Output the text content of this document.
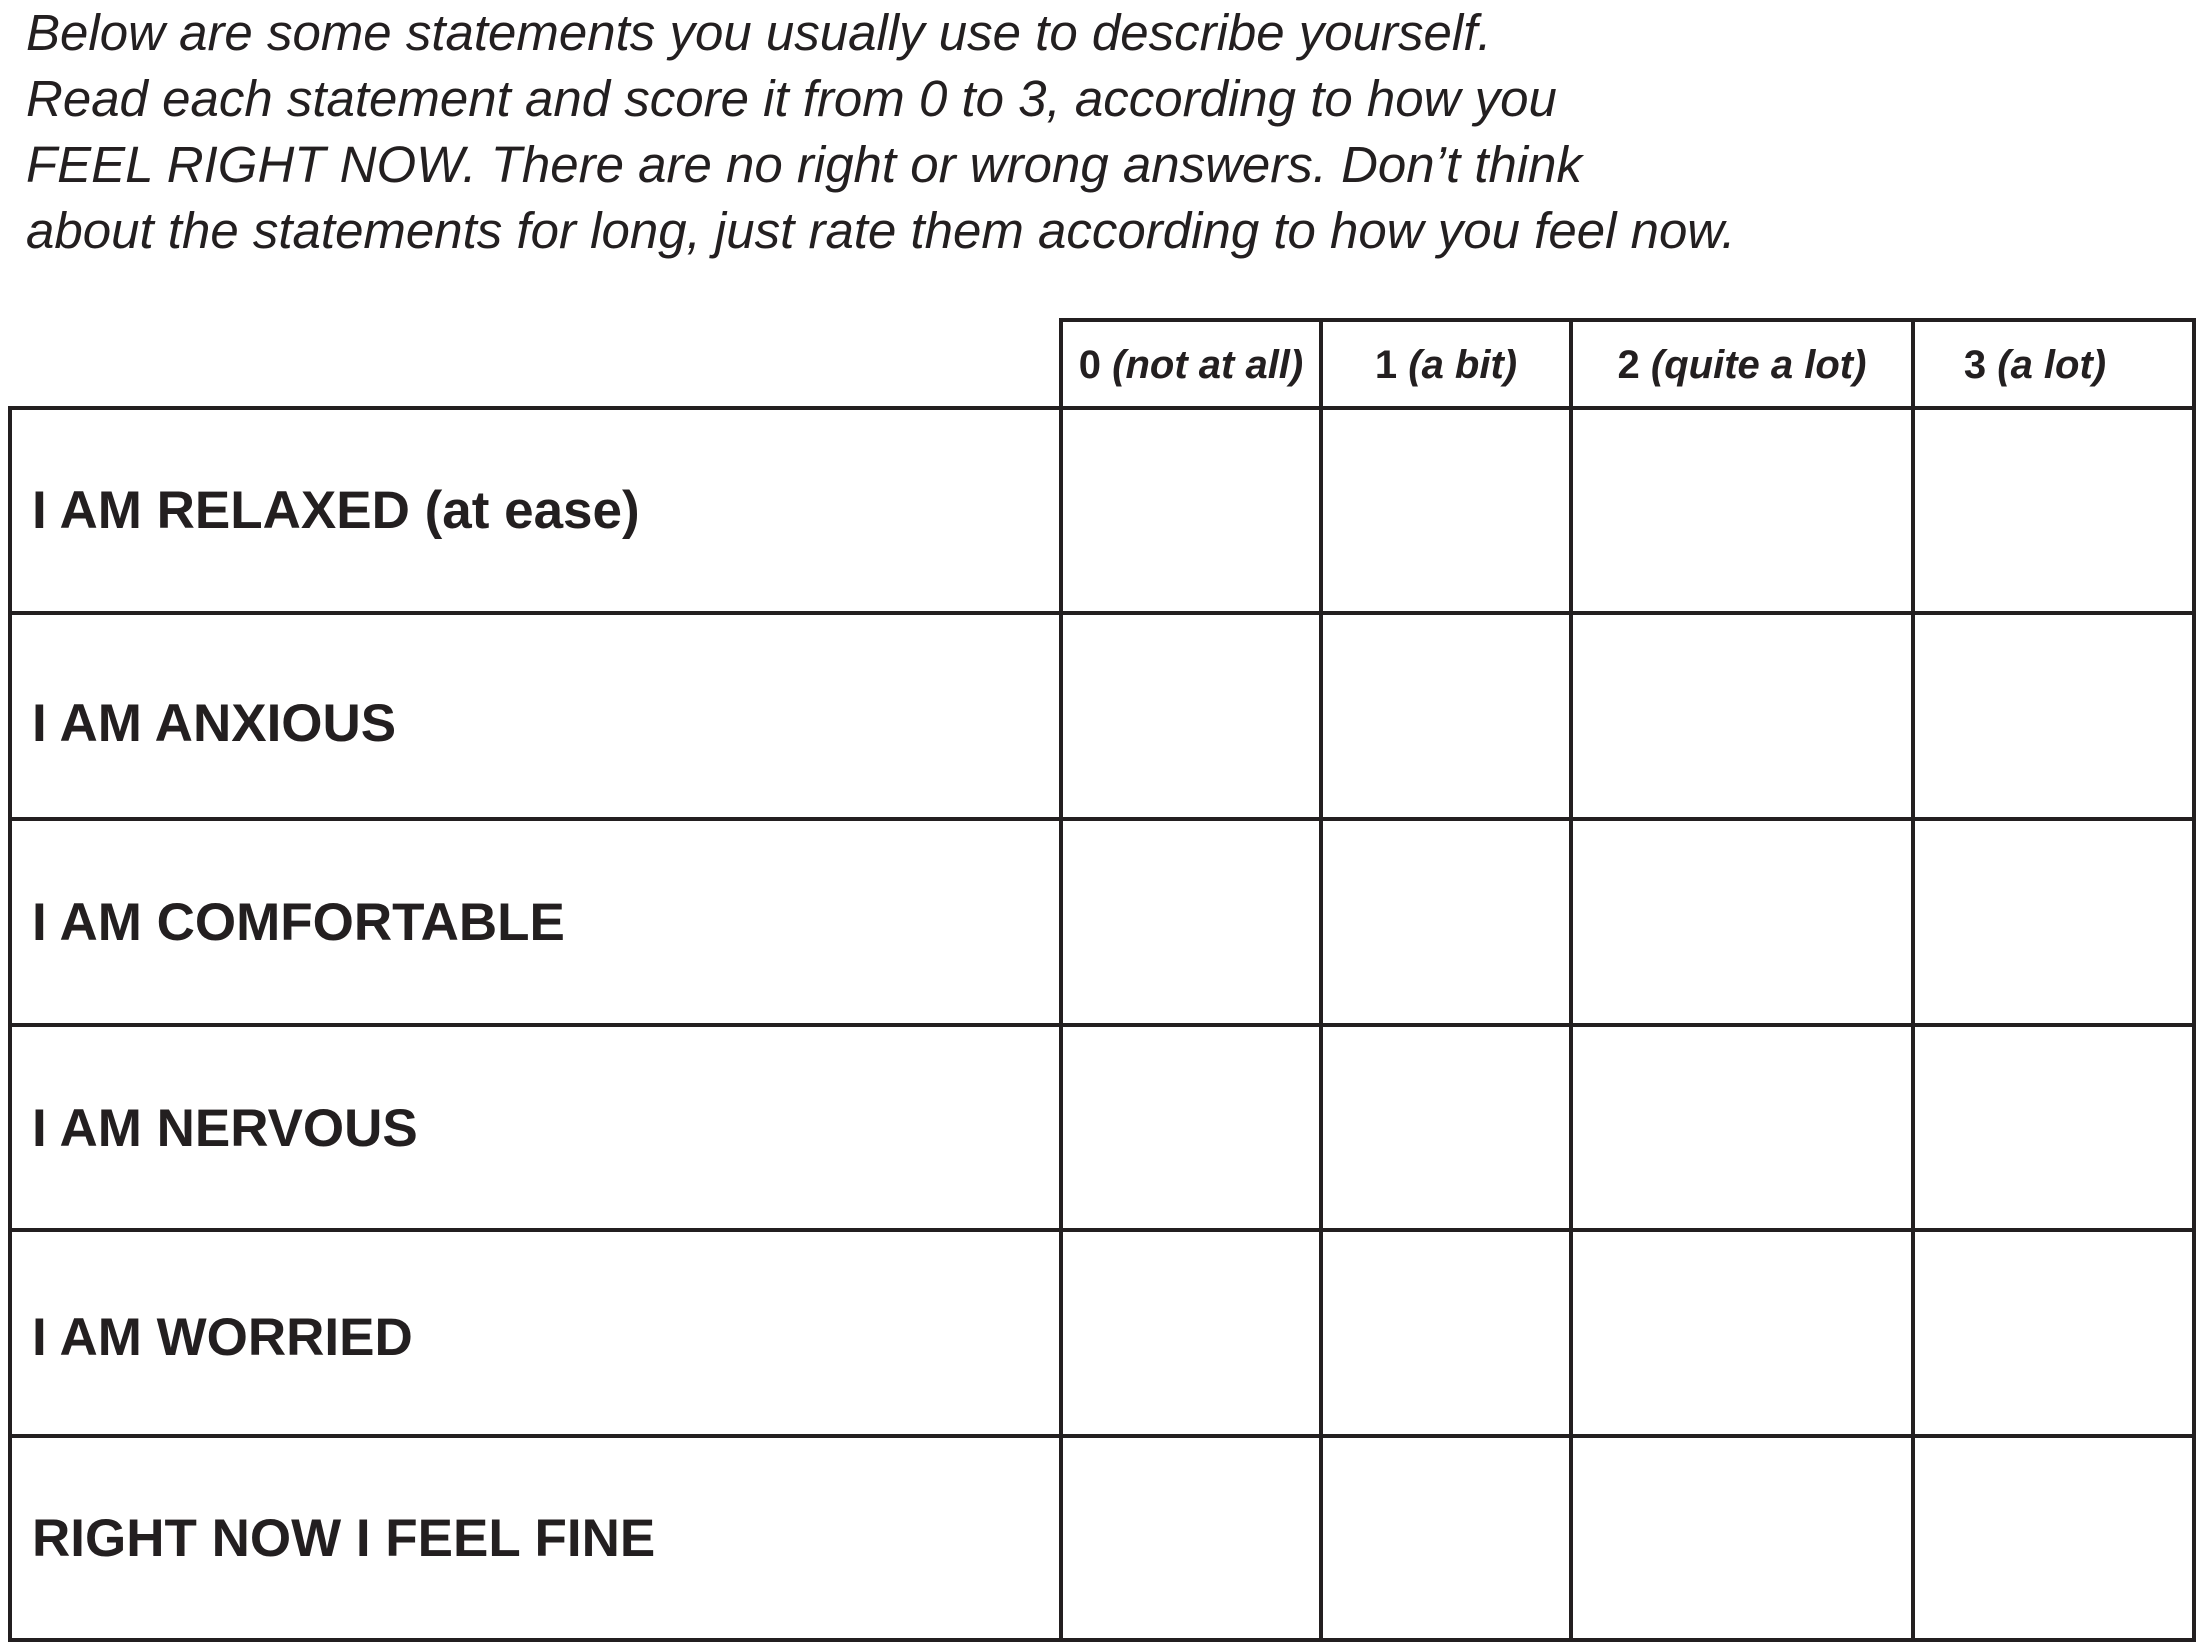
Below are some statements you usually use to describe yourself.
Read each statement and score it from 0 to 3, according to how you
FEEL RIGHT NOW. There are no right or wrong answers. Don’t think
about the statements for long, just rate them according to how you feel now.
0
(not at all) 1
(a bit)	2
(quite a lot) 3
(a lot)
I AM RELAXED (at ease)
I AM ANXIOUS
I AM COMFORTABLE
I AM NERVOUS
I AM WORRIED
RIGHT NOW I FEEL FINE
